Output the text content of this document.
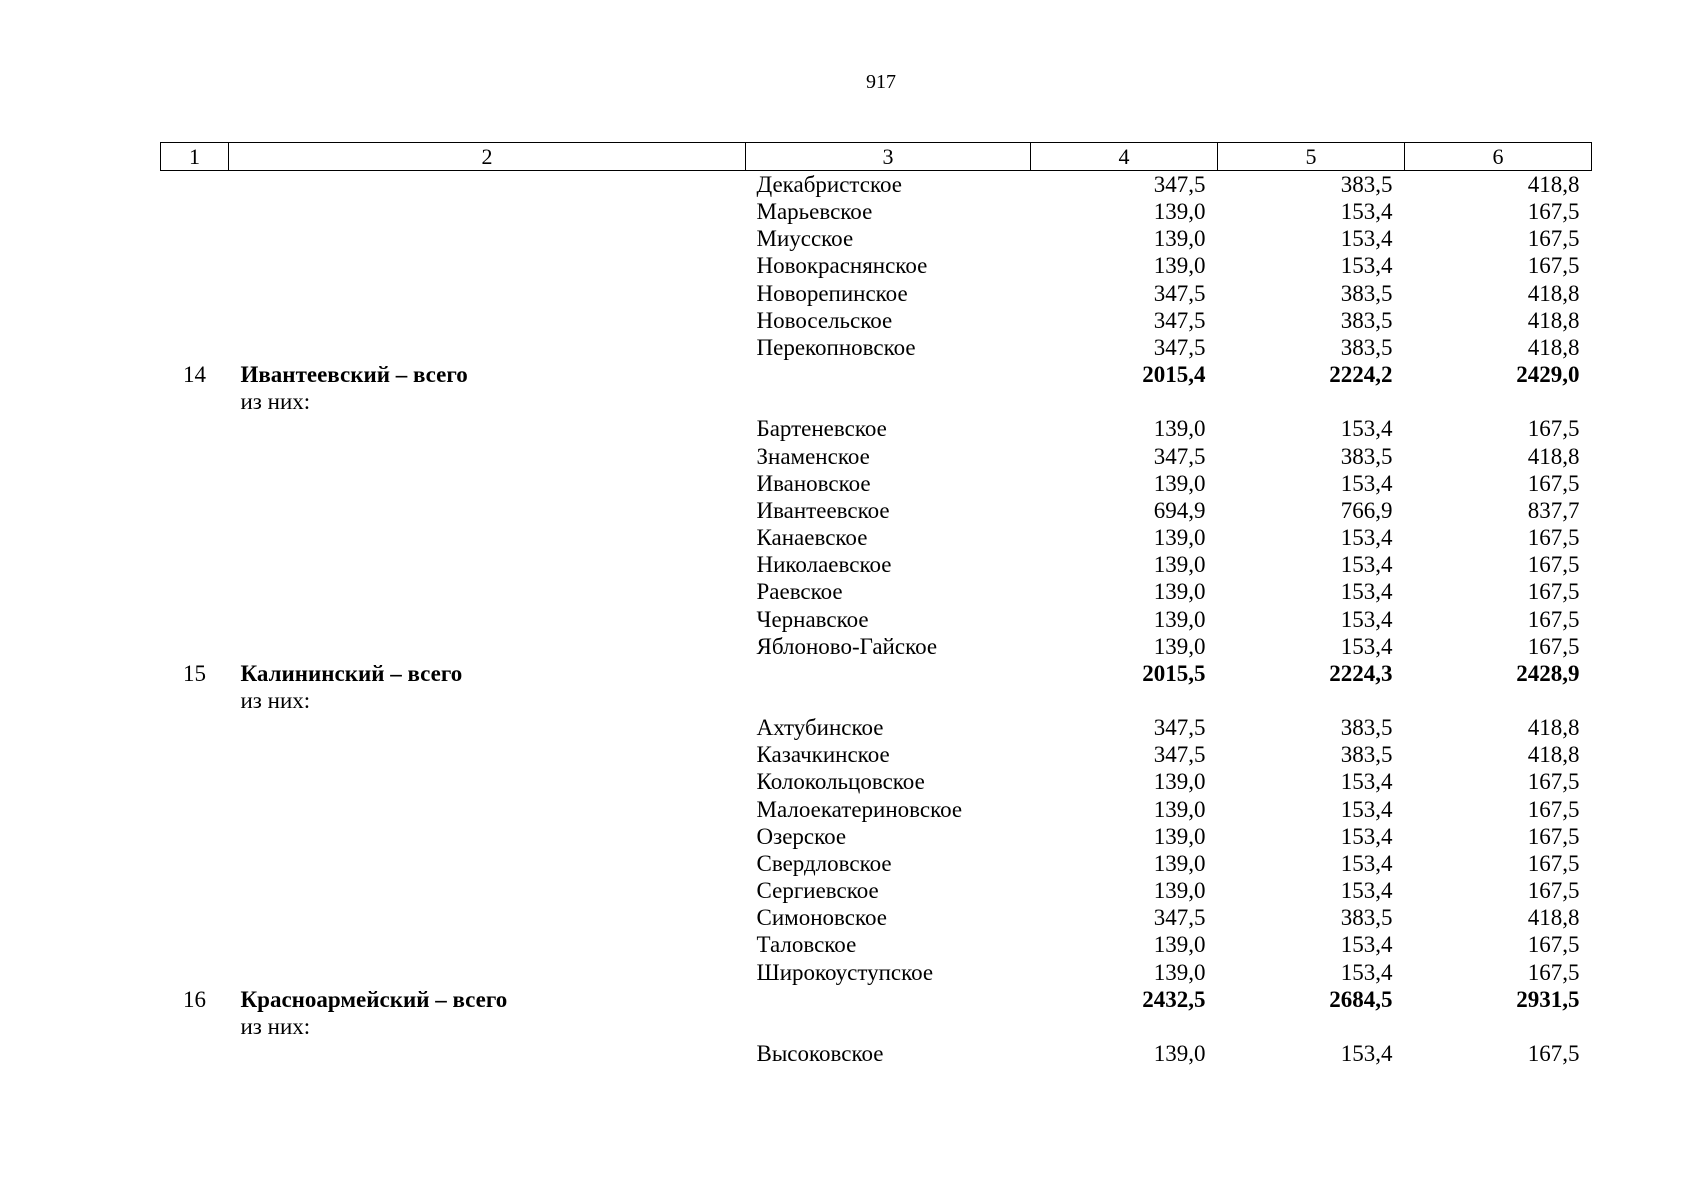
917
1	2	3	4	5	6
		Декабристское	347,5	383,5	418,8
		Марьевское	139,0	153,4	167,5
		Миусское	139,0	153,4	167,5
		Новокраснянское	139,0	153,4	167,5
		Новорепинское	347,5	383,5	418,8
		Новосельское	347,5	383,5	418,8
		Перекопновское	347,5	383,5	418,8
14	Ивантеевский – всего		2015,4	2224,2	2429,0
	из них:				
		Бартеневское	139,0	153,4	167,5
		Знаменское	347,5	383,5	418,8
		Ивановское	139,0	153,4	167,5
		Ивантеевское	694,9	766,9	837,7
		Канаевское	139,0	153,4	167,5
		Николаевское	139,0	153,4	167,5
		Раевское	139,0	153,4	167,5
		Чернавское	139,0	153,4	167,5
		Яблоново-Гайское	139,0	153,4	167,5
15	Калининский – всего		2015,5	2224,3	2428,9
	из них:				
		Ахтубинское	347,5	383,5	418,8
		Казачкинское	347,5	383,5	418,8
		Колокольцовское	139,0	153,4	167,5
		Малоекатериновское	139,0	153,4	167,5
		Озерское	139,0	153,4	167,5
		Свердловское	139,0	153,4	167,5
		Сергиевское	139,0	153,4	167,5
		Симоновское	347,5	383,5	418,8
		Таловское	139,0	153,4	167,5
		Широкоуступское	139,0	153,4	167,5
16	Красноармейский – всего		2432,5	2684,5	2931,5
	из них:				
		Высоковское	139,0	153,4	167,5
